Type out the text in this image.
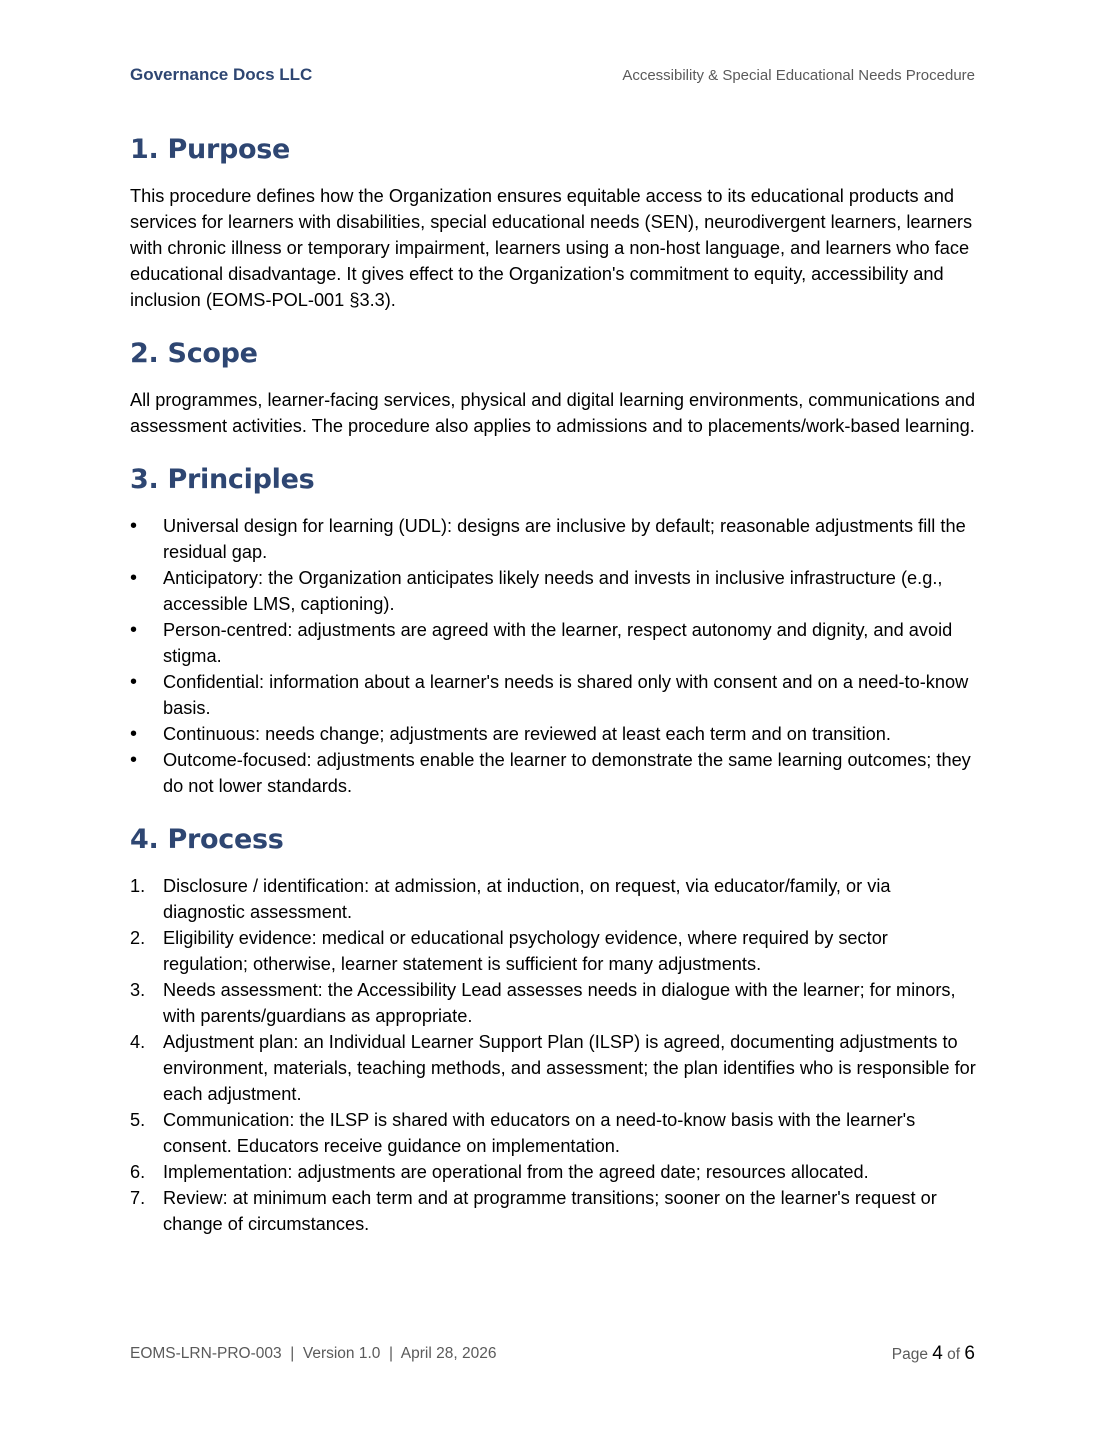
Governance Docs LLC	Accessibility & Special Educational Needs Procedure
1. Purpose

This procedure defines how the Organization ensures equitable access to its educational products and services for learners with disabilities, special educational needs (SEN), neurodivergent learners, learners with chronic illness or temporary impairment, learners using a non-host language, and learners who face educational disadvantage. It gives effect to the Organization's commitment to equity, accessibility and inclusion (EOMS-POL-001 §3.3).

2. Scope

All programmes, learner-facing services, physical and digital learning environments, communications and assessment activities. The procedure also applies to admissions and to placements/work-based learning.

3. Principles
• Universal design for learning (UDL): designs are inclusive by default; reasonable adjustments fill the residual gap.
• Anticipatory: the Organization anticipates likely needs and invests in inclusive infrastructure (e.g., accessible LMS, captioning).
• Person-centred: adjustments are agreed with the learner, respect autonomy and dignity, and avoid stigma.
• Confidential: information about a learner's needs is shared only with consent and on a need-to-know basis.
• Continuous: needs change; adjustments are reviewed at least each term and on transition.
• Outcome-focused: adjustments enable the learner to demonstrate the same learning outcomes; they do not lower standards.
4. Process
1. Disclosure / identification: at admission, at induction, on request, via educator/family, or via diagnostic assessment.
2. Eligibility evidence: medical or educational psychology evidence, where required by sector regulation; otherwise, learner statement is sufficient for many adjustments.
3. Needs assessment: the Accessibility Lead assesses needs in dialogue with the learner; for minors, with parents/guardians as appropriate.
4. Adjustment plan: an Individual Learner Support Plan (ILSP) is agreed, documenting adjustments to environment, materials, teaching methods, and assessment; the plan identifies who is responsible for each adjustment.
5. Communication: the ILSP is shared with educators on a need-to-know basis with the learner's consent. Educators receive guidance on implementation.
6. Implementation: adjustments are operational from the agreed date; resources allocated.
7. Review: at minimum each term and at programme transitions; sooner on the learner's request or change of circumstances.
EOMS-LRN-PRO-003  |  Version 1.0  |  April 28, 2026	Page 4 of 6
